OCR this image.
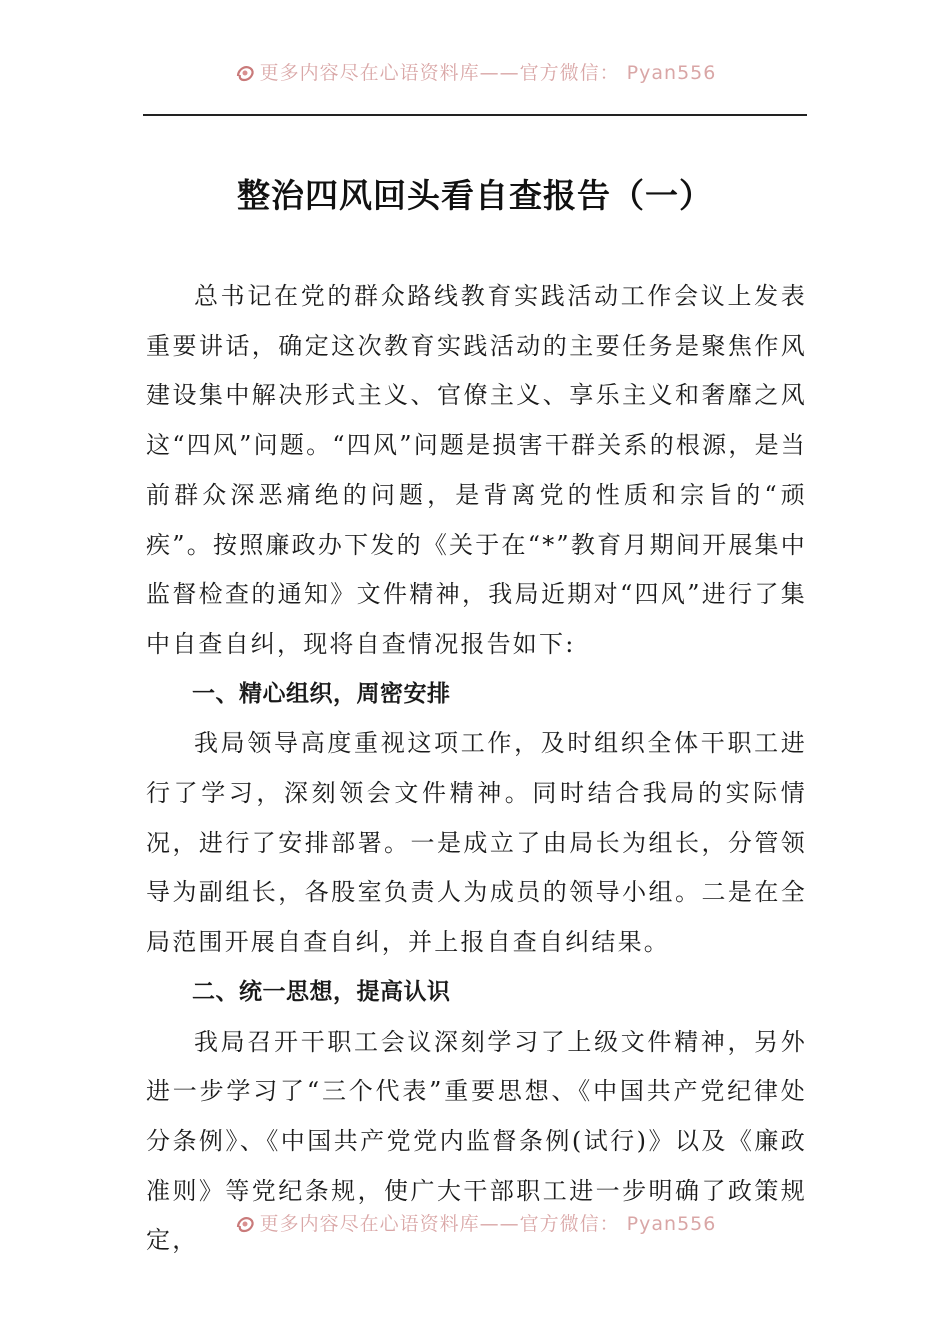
更多内容尽在心语资料库——官方微信： Pyan556
整治四风回头看自查报告（一）

总书记在党的群众路线教育实践活动工作会议上发表重要讲话，确定这次教育实践活动的主要任务是聚焦作风建设集中解决形式主义、官僚主义、享乐主义和奢靡之风这“四风”问题。“四风”问题是损害干群关系的根源，是当前群众深恶痛绝的问题，是背离党的性质和宗旨的“顽疾”。按照廉政办下发的《关于在“*”教育月期间开展集中监督检查的通知》文件精神，我局近期对“四风”进行了集中自查自纠，现将自查情况报告如下:

一、精心组织，周密安排

我局领导高度重视这项工作，及时组织全体干职工进行了学习，深刻领会文件精神。同时结合我局的实际情况，进行了安排部署。一是成立了由局长为组长，分管领导为副组长，各股室负责人为成员的领导小组。二是在全局范围开展自查自纠，并上报自查自纠结果。

二、统一思想，提高认识

我局召开干职工会议深刻学习了上级文件精神，另外进一步学习了“三个代表”重要思想、《中国共产党纪律处分条例》、《中国共产党党内监督条例(试行)》以及《廉政准则》等党纪条规，使广大干部职工进一步明确了政策规定，

更多内容尽在心语资料库——官方微信： Pyan556
